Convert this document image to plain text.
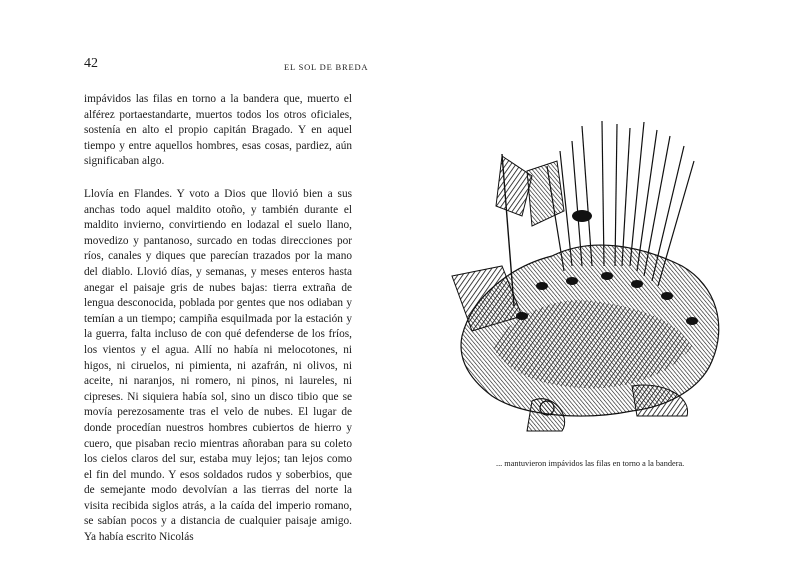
42	EL SOL DE BREDA

impávidos las filas en torno a la bandera que, muerto el alférez portaestandarte, muertos todos los otros oficiales, sostenía en alto el propio capitán Bragado. Y en aquel tiempo y entre aquellos hombres, esas cosas, pardiez, aún significaban algo.

Llovía en Flandes. Y voto a Dios que llovió bien a sus anchas todo aquel maldito otoño, y también durante el maldito invierno, convirtiendo en lodazal el suelo llano, movedizo y pantanoso, surcado en todas direcciones por ríos, canales y diques que parecían trazados por la mano del diablo. Llovió días, y semanas, y meses enteros hasta anegar el paisaje gris de nubes bajas: tierra extraña de lengua desconocida, poblada por gentes que nos odiaban y temían a un tiempo; campiña esquilmada por la estación y la guerra, falta incluso de con qué defenderse de los fríos, los vientos y el agua. Allí no había ni melocotones, ni higos, ni ciruelos, ni pimienta, ni azafrán, ni olivos, ni aceite, ni naranjos, ni romero, ni pinos, ni laureles, ni cipreses. Ni siquiera había sol, sino un disco tibio que se movía perezosamente tras el velo de nubes. El lugar de donde procedían nuestros hombres cubiertos de hierro y cuero, que pisaban recio mientras añoraban para su coleto los cielos claros del sur, estaba muy lejos; tan lejos como el fin del mundo. Y esos soldados rudos y soberbios, que de semejante modo devolvían a las tierras del norte la visita recibida siglos atrás, a la caída del imperio romano, se sabían pocos y a distancia de cualquier paisaje amigo. Ya había escrito Nicolás

... mantuvieron impávidos las filas en torno a la bandera.
